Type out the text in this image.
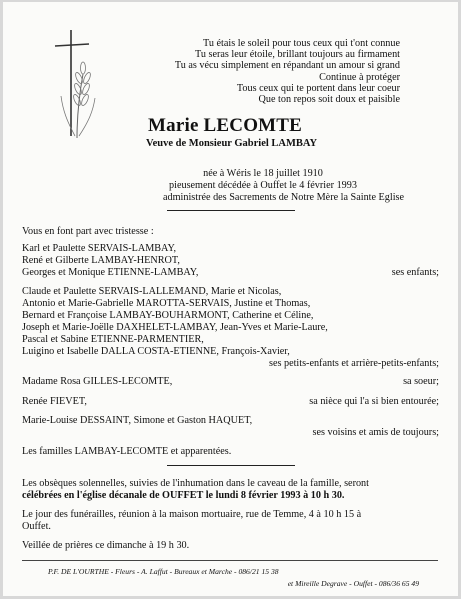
Tu étais le soleil pour tous ceux qui t'ont connue
Tu seras leur étoile, brillant toujours au firmament
Tu as vécu simplement en répandant un amour si grand
Continue à protéger
Tous ceux qui te portent dans leur coeur
Que ton repos soit doux et paisible
Marie LECOMTE
Veuve de Monsieur Gabriel LAMBAY
née à Wéris le 18 juillet 1910
pieusement décédée à Ouffet le 4 février 1993
administrée des Sacrements de Notre Mère la Sainte Eglise
Vous en font part avec tristesse :
Karl et Paulette SERVAIS-LAMBAY,
René et Gilberte LAMBAY-HENROT,
Georges et Monique ETIENNE-LAMBAY,	ses enfants;
Claude et Paulette SERVAIS-LALLEMAND, Marie et Nicolas,
Antonio et Marie-Gabrielle MAROTTA-SERVAIS, Justine et Thomas,
Bernard et Françoise LAMBAY-BOUHARMONT, Catherine et Céline,
Joseph et Marie-Joëlle DAXHELET-LAMBAY, Jean-Yves et Marie-Laure,
Pascal et Sabine ETIENNE-PARMENTIER,
Luigino et Isabelle DALLA COSTA-ETIENNE, François-Xavier,
ses petits-enfants et arrière-petits-enfants;
Madame Rosa GILLES-LECOMTE,	sa soeur;
Renée FIEVET,	sa nièce qui l'a si bien entourée;
Marie-Louise DESSAINT, Simone et Gaston HAQUET,
ses voisins et amis de toujours;
Les familles LAMBAY-LECOMTE et apparentées.
Les obsèques solennelles, suivies de l'inhumation dans le caveau de la famille, seront
célébrées en l'église décanale de OUFFET le lundi 8 février 1993 à 10 h 30.
Le jour des funérailles, réunion à la maison mortuaire, rue de Temme, 4 à 10 h 15 à
Ouffet.
Veillée de prières ce dimanche à 19 h 30.
P.F. DE L'OURTHE - Fleurs - A. Laffut - Bureaux et Marche - 086/21 15 38
et Mireille Degrave - Ouffet - 086/36 65 49
